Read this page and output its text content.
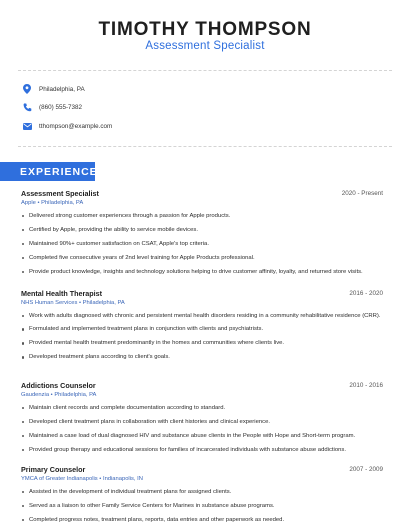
TIMOTHY THOMPSON
Assessment Specialist
Philadelphia, PA
(860) 555-7382
tthompson@example.com
EXPERIENCE
Assessment Specialist	2020 - Present
Apple • Philadelphia, PA
Delivered strong customer experiences through a passion for Apple products.
Certified by Apple, providing the ability to service mobile devices.
Maintained 90%+ customer satisfaction on CSAT, Apple's top criteria.
Completed five consecutive years of 2nd level training for Apple Products professional.
Provide product knowledge, insights and technology solutions helping to drive customer affinity, loyalty, and returned store visits.
Mental Health Therapist	2016 - 2020
NHS Human Services • Philadelphia, PA
Work with adults diagnosed with chronic and persistent mental health disorders residing in a community rehabilitative residence (CRR).
Formulated and implemented treatment plans in conjunction with clients and psychiatrists.
Provided mental health treatment predominantly in the homes and communities where clients live.
Developed treatment plans according to client's goals.
Addictions Counselor	2010 - 2016
Gaudenzia • Philadelphia, PA
Maintain client records and complete documentation according to standard.
Developed client treatment plans in collaboration with client histories and clinical experience.
Maintained a case load of dual diagnosed HIV and substance abuse clients in the People with Hope and Short-term program.
Provided group therapy and educational sessions for families of incarcerated individuals with substance abuse addictions.
Primary Counselor	2007 - 2009
YMCA of Greater Indianapolis • Indianapolis, IN
Assisted in the development of individual treatment plans for assigned clients.
Served as a liaison to other Family Service Centers for Marines in substance abuse programs.
Completed progress notes, treatment plans, reports, data entries and other paperwork as needed.
